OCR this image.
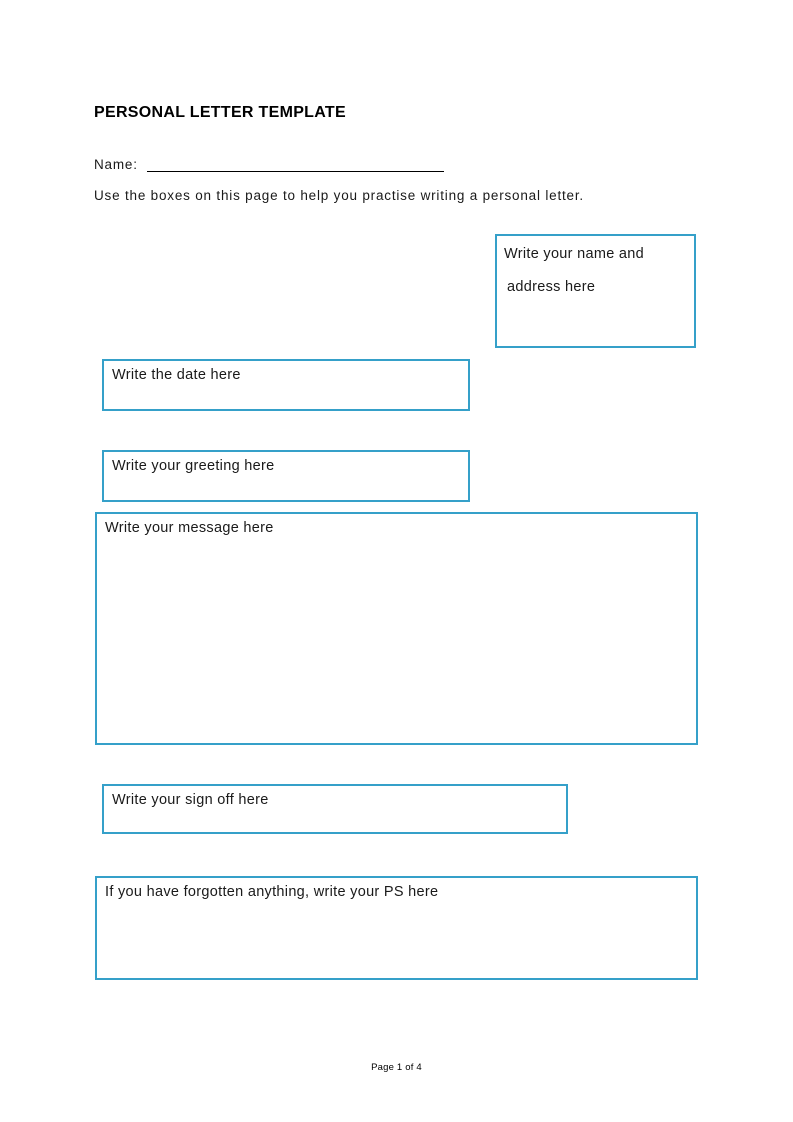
PERSONAL LETTER TEMPLATE
Name:
Use the boxes on this page to help you practise writing a personal letter.
Write your name and
address here
Write the date here
Write your greeting here
Write your message here
Write your sign off here
If you have forgotten anything, write your PS here
Page 1 of 4
